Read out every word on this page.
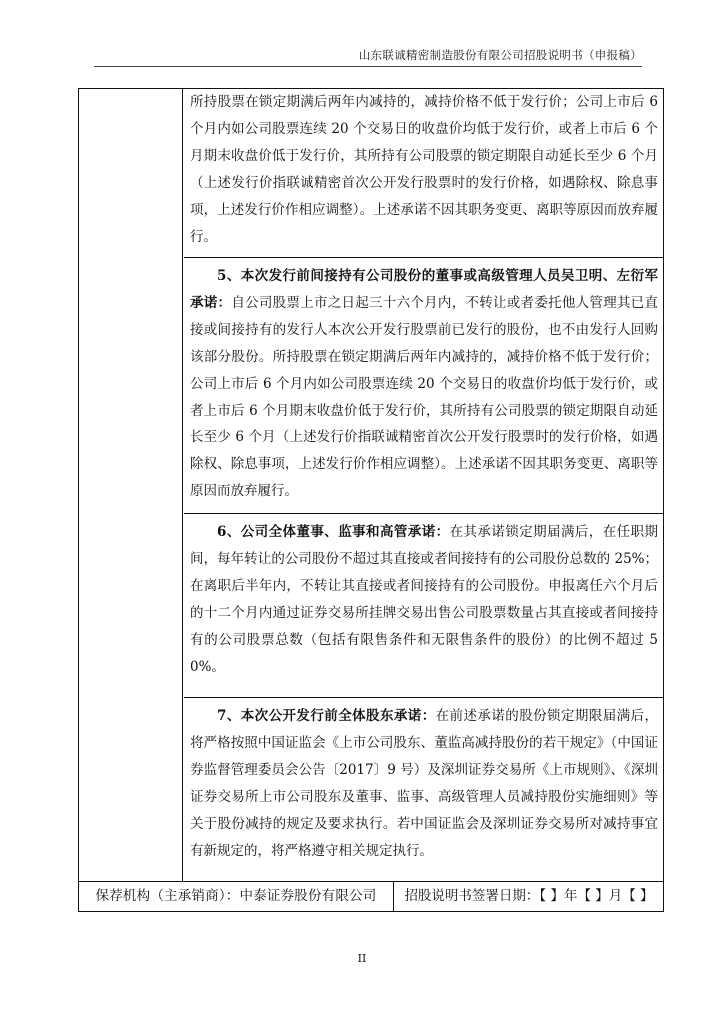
山东联诚精密制造股份有限公司招股说明书（申报稿）

所持股票在锁定期满后两年内减持的，减持价格不低于发行价；公司上市后 6 个月内如公司股票连续 20 个交易日的收盘价均低于发行价，或者上市后 6 个月期末收盘价低于发行价，其所持有公司股票的锁定期限自动延长至少 6 个月（上述发行价指联诚精密首次公开发行股票时的发行价格，如遇除权、除息事项，上述发行价作相应调整）。上述承诺不因其职务变更、离职等原因而放弃履行。

5、本次发行前间接持有公司股份的董事或高级管理人员吴卫明、左衍军承诺：自公司股票上市之日起三十六个月内，不转让或者委托他人管理其已直接或间接持有的发行人本次公开发行股票前已发行的股份，也不由发行人回购该部分股份。所持股票在锁定期满后两年内减持的，减持价格不低于发行价；公司上市后 6 个月内如公司股票连续 20 个交易日的收盘价均低于发行价，或者上市后 6 个月期末收盘价低于发行价，其所持有公司股票的锁定期限自动延长至少 6 个月（上述发行价指联诚精密首次公开发行股票时的发行价格，如遇除权、除息事项，上述发行价作相应调整）。上述承诺不因其职务变更、离职等原因而放弃履行。

6、公司全体董事、监事和高管承诺：在其承诺锁定期届满后，在任职期间，每年转让的公司股份不超过其直接或者间接持有的公司股份总数的 25%；在离职后半年内，不转让其直接或者间接持有的公司股份。申报离任六个月后的十二个月内通过证券交易所挂牌交易出售公司股票数量占其直接或者间接持有的公司股票总数（包括有限售条件和无限售条件的股份）的比例不超过 50%。

7、本次公开发行前全体股东承诺：在前述承诺的股份锁定期限届满后，将严格按照中国证监会《上市公司股东、董监高减持股份的若干规定》（中国证券监督管理委员会公告〔2017〕9 号）及深圳证券交易所《上市规则》、《深圳证券交易所上市公司股东及董事、监事、高级管理人员减持股份实施细则》等关于股份减持的规定及要求执行。若中国证监会及深圳证券交易所对减持事宜有新规定的，将严格遵守相关规定执行。

保荐机构（主承销商）：中泰证券股份有限公司	招股说明书签署日期：【 】年【 】月【 】
II
